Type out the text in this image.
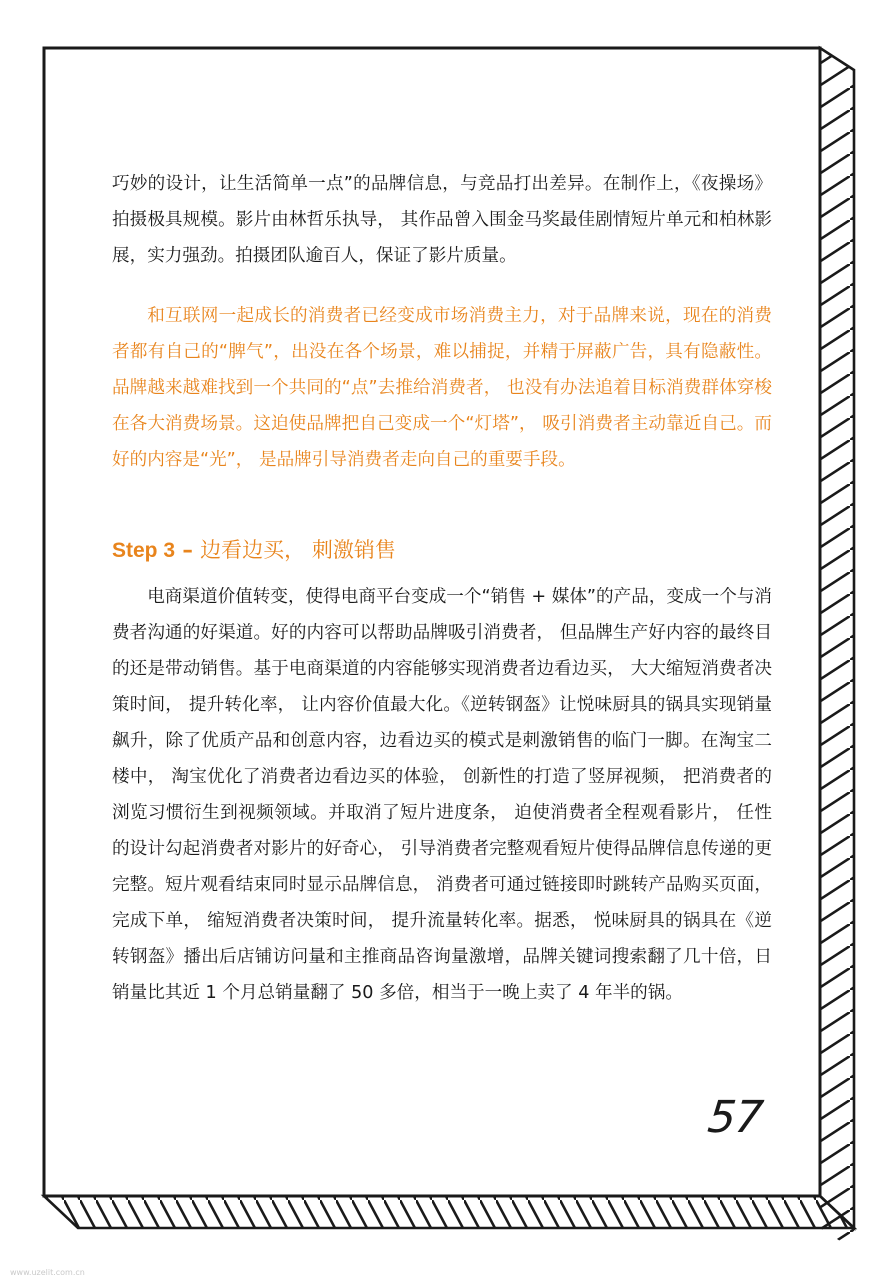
巧妙的设计，让生活简单一点”的品牌信息，与竞品打出差异。在制作上，《夜操场》拍摄极具规模。影片由林哲乐执导， 其作品曾入围金马奖最佳剧情短片单元和柏林影展，实力强劲。拍摄团队逾百人，保证了影片质量。

和互联网一起成长的消费者已经变成市场消费主力，对于品牌来说，现在的消费者都有自己的“脾气”，出没在各个场景，难以捕捉，并精于屏蔽广告，具有隐蔽性。品牌越来越难找到一个共同的“点”去推给消费者， 也没有办法追着目标消费群体穿梭在各大消费场景。这迫使品牌把自己变成一个“灯塔”， 吸引消费者主动靠近自己。而好的内容是“光”， 是品牌引导消费者走向自己的重要手段。

Step 3 – 边看边买， 刺激销售

电商渠道价值转变，使得电商平台变成一个“销售 + 媒体”的产品，变成一个与消费者沟通的好渠道。好的内容可以帮助品牌吸引消费者， 但品牌生产好内容的最终目的还是带动销售。基于电商渠道的内容能够实现消费者边看边买， 大大缩短消费者决策时间， 提升转化率， 让内容价值最大化。《逆转钢盔》让悦味厨具的锅具实现销量飙升，除了优质产品和创意内容，边看边买的模式是刺激销售的临门一脚。在淘宝二楼中， 淘宝优化了消费者边看边买的体验， 创新性的打造了竖屏视频， 把消费者的浏览习惯衍生到视频领域。并取消了短片进度条， 迫使消费者全程观看影片， 任性的设计勾起消费者对影片的好奇心， 引导消费者完整观看短片使得品牌信息传递的更完整。短片观看结束同时显示品牌信息， 消费者可通过链接即时跳转产品购买页面， 完成下单， 缩短消费者决策时间， 提升流量转化率。据悉， 悦味厨具的锅具在《逆转钢盔》播出后店铺访问量和主推商品咨询量激增，品牌关键词搜索翻了几十倍，日销量比其近 1 个月总销量翻了 50 多倍，相当于一晚上卖了 4 年半的锅。

57
www.uzelit.com.cn
